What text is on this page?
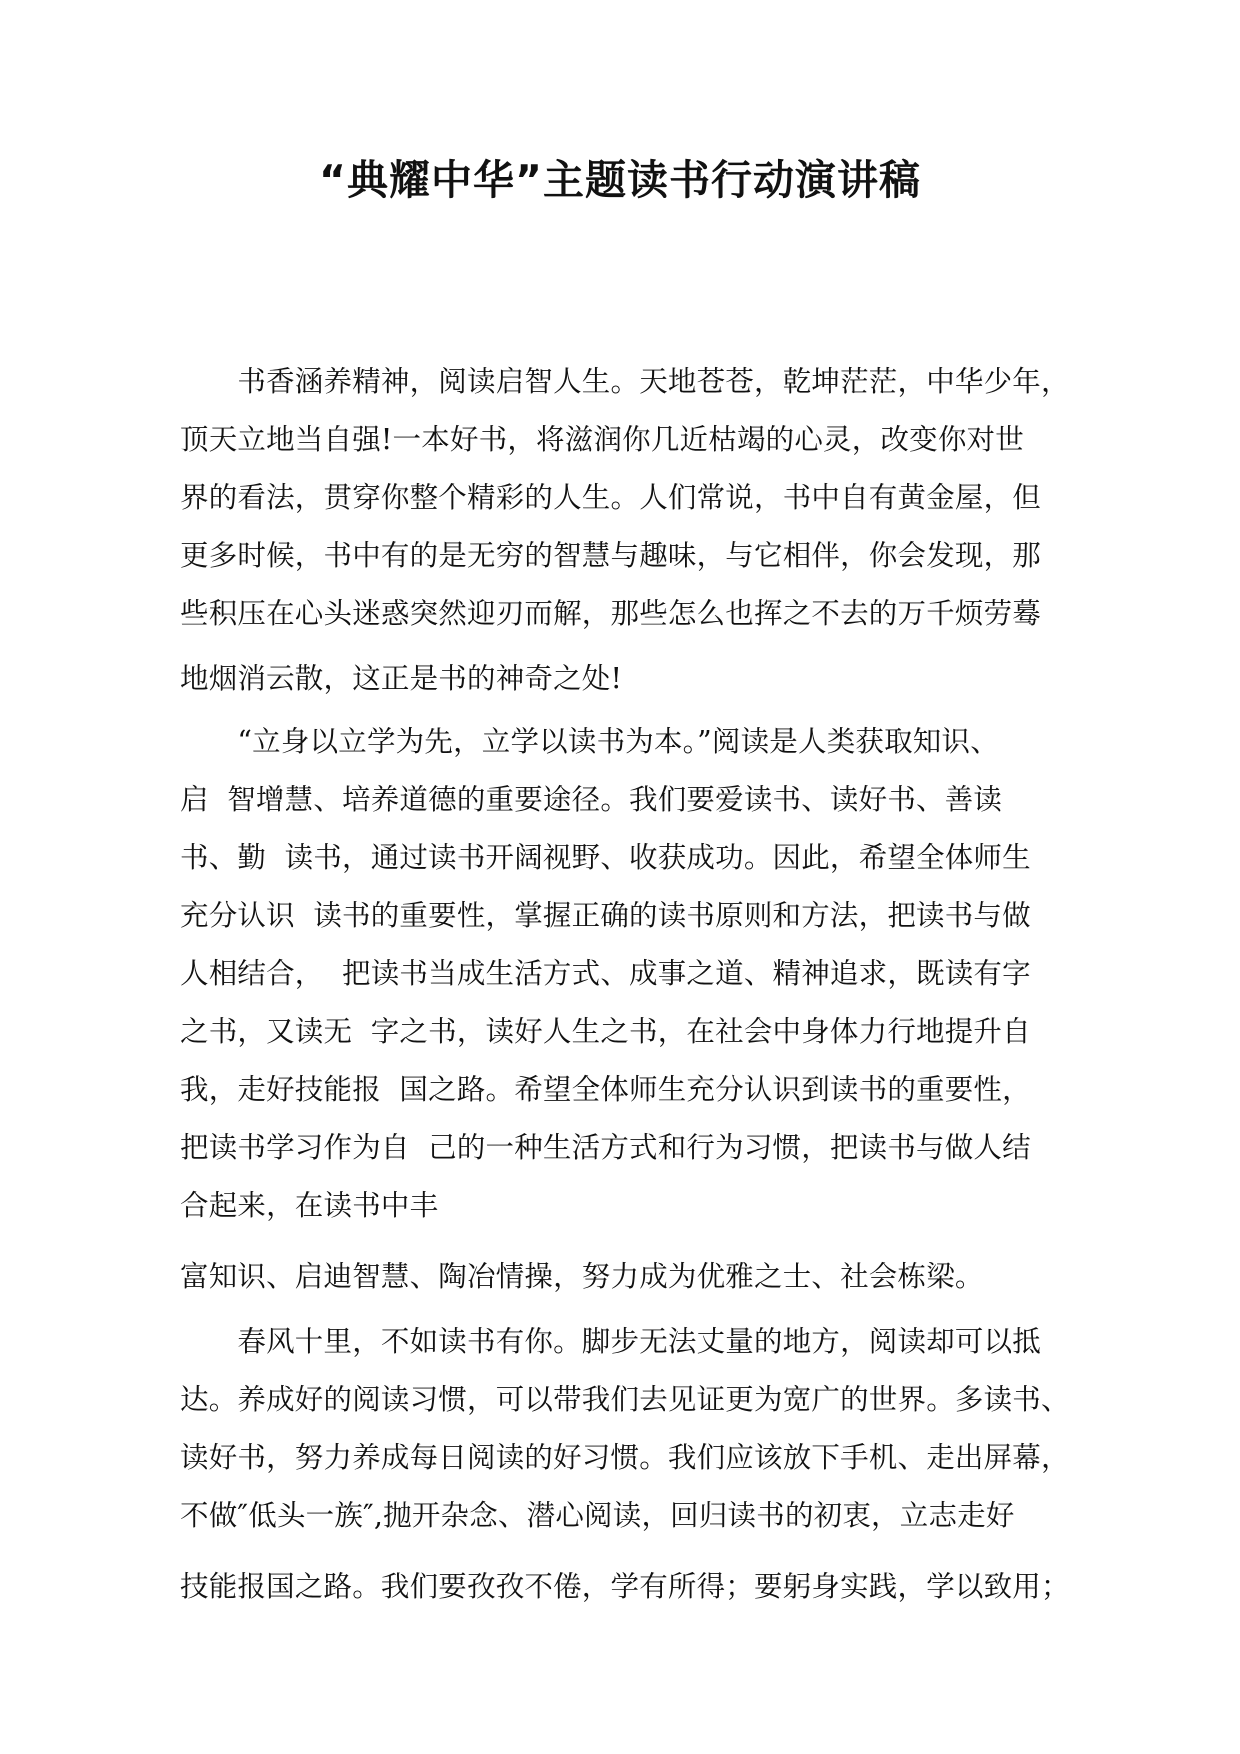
“典耀中华”主题读书行动演讲稿
　　书香涵养精神，阅读启智人生。天地苍苍，乾坤茫茫，中华少年，
顶天立地当自强!一本好书，将滋润你几近枯竭的心灵，改变你对世
界的看法，贯穿你整个精彩的人生。人们常说，书中自有黄金屋，但
更多时候，书中有的是无穷的智慧与趣味，与它相伴，你会发现，那
些积压在心头迷惑突然迎刃而解，那些怎么也挥之不去的万千烦劳蓦
地烟消云散，这正是书的神奇之处!
　　“立身以立学为先，立学以读书为本。”阅读是人类获取知识、
启  智增慧、培养道德的重要途径。我们要爱读书、读好书、善读
书、勤  读书，通过读书开阔视野、收获成功。因此，希望全体师生
充分认识  读书的重要性，掌握正确的读书原则和方法，把读书与做
人相结合，  把读书当成生活方式、成事之道、精神追求，既读有字
之书，又读无  字之书，读好人生之书，在社会中身体力行地提升自
我，走好技能报  国之路。希望全体师生充分认识到读书的重要性，
把读书学习作为自  己的一种生活方式和行为习惯，把读书与做人结
合起来，在读书中丰
富知识、启迪智慧、陶冶情操，努力成为优雅之士、社会栋梁。
　　春风十里，不如读书有你。脚步无法丈量的地方，阅读却可以抵
达。养成好的阅读习惯，可以带我们去见证更为宽广的世界。多读书、
读好书，努力养成每日阅读的好习惯。我们应该放下手机、走出屏幕，
不做″低头一族″,抛开杂念、潜心阅读，回归读书的初衷，立志走好
技能报国之路。我们要孜孜不倦，学有所得；要躬身实践，学以致用；
